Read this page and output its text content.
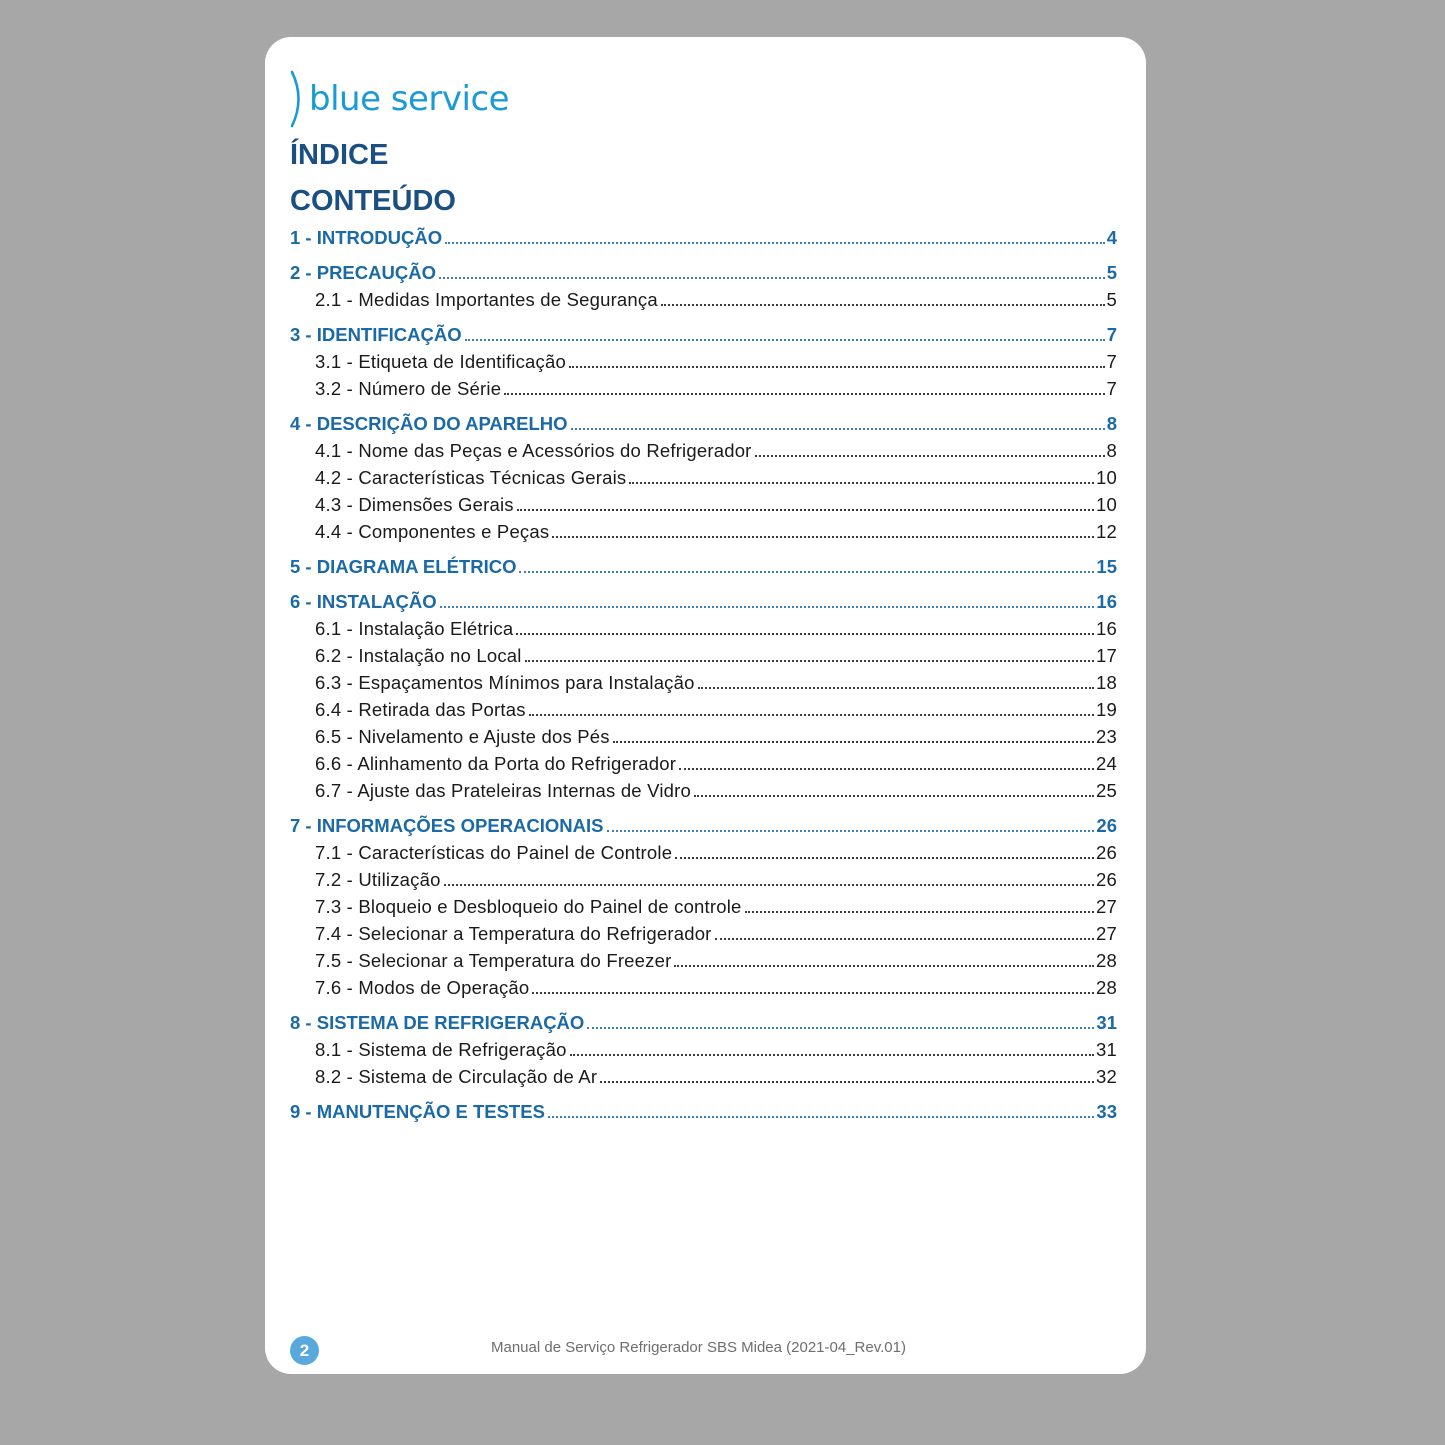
blue service
ÍNDICE
CONTEÚDO
1 - INTRODUÇÃO	4
2 - PRECAUÇÃO	5
2.1 - Medidas Importantes de Segurança	5
3 - IDENTIFICAÇÃO	7
3.1 - Etiqueta de Identificação	7
3.2 - Número de Série	7
4 - DESCRIÇÃO DO APARELHO	8
4.1 - Nome das Peças e Acessórios do Refrigerador	8
4.2 - Características Técnicas Gerais	10
4.3 - Dimensões Gerais	10
4.4 - Componentes e Peças	12
5 - DIAGRAMA ELÉTRICO	15
6 - INSTALAÇÃO	16
6.1 - Instalação Elétrica	16
6.2 - Instalação no Local	17
6.3 - Espaçamentos Mínimos para Instalação	18
6.4 - Retirada das Portas	19
6.5 - Nivelamento e Ajuste dos Pés	23
6.6 - Alinhamento da Porta do Refrigerador	24
6.7 - Ajuste das Prateleiras Internas de Vidro	25
7 - INFORMAÇÕES OPERACIONAIS	26
7.1 - Características do Painel de Controle	26
7.2 - Utilização	26
7.3 - Bloqueio e Desbloqueio do Painel de controle	27
7.4 - Selecionar a Temperatura do Refrigerador	27
7.5 - Selecionar a Temperatura do Freezer	28
7.6 - Modos de Operação	28
8 - SISTEMA DE REFRIGERAÇÃO	31
8.1 - Sistema de Refrigeração	31
8.2 - Sistema de Circulação de Ar	32
9 - MANUTENÇÃO E TESTES	33
2	Manual de Serviço Refrigerador SBS Midea (2021-04_Rev.01)
